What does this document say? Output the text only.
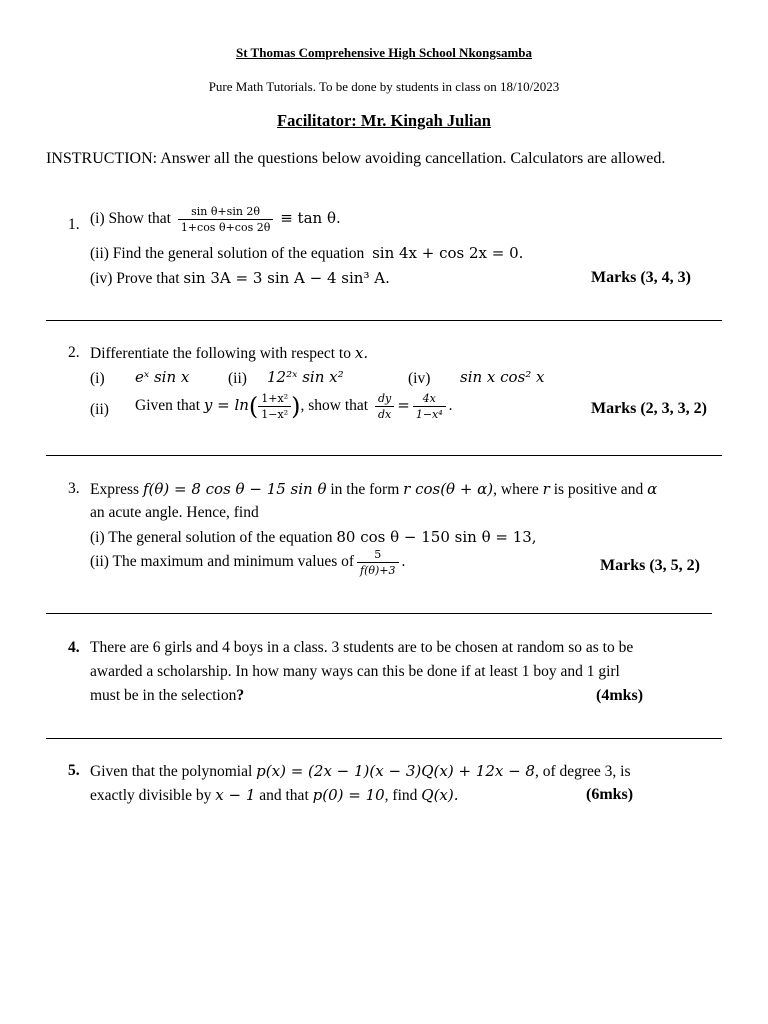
St Thomas Comprehensive High School Nkongsamba
Pure Math Tutorials. To be done by students in class on 18/10/2023
Facilitator: Mr. Kingah Julian
INSTRUCTION: Answer all the questions below avoiding cancellation. Calculators are allowed.
1. (i) Show that $\frac{\text{sin θ+sin 2θ}}{\text{1+cos θ+cos 2θ}} \equiv \tan \theta$.
(ii) Find the general solution of the equation sin 4x + cos 2x = 0.
(iv) Prove that sin 3A = 3 sin A − 4 sin³ A.	Marks (3, 4, 3)
2. Differentiate the following with respect to x.
(i) eˣ sin x (ii) 12²ˣ sin x²	(iv) sin x cos² x
(ii) Given that $y = \ln( \frac{\text{1+x²}}{\text{1−x²}}$ ), show that $\frac{dy}{dx} = \frac{4x}{\text{1−x⁴}}$ .	Marks (2, 3, 3, 2)
3. Express f(θ) = 8 cos θ − 15 sin θ in the form r cos(θ + α), where r is positive and α
an acute angle. Hence, find
(i) The general solution of the equation 80 cos θ − 150 sin θ = 13,
(ii) The maximum and minimum values of $\frac{5}{f(\theta)+3}$ .	Marks (3, 5, 2)
4. There are 6 girls and 4 boys in a class. 3 students are to be chosen at random so as to be
awarded a scholarship. In how many ways can this be done if at least 1 boy and 1 girl
must be in the selection?	(4mks)
5. Given that the polynomial p(x) = (2x − 1)(x − 3)Q(x) + 12x − 8, of degree 3, is
exactly divisible by x − 1 and that p(0) = 10, find Q(x).	(6mks)
